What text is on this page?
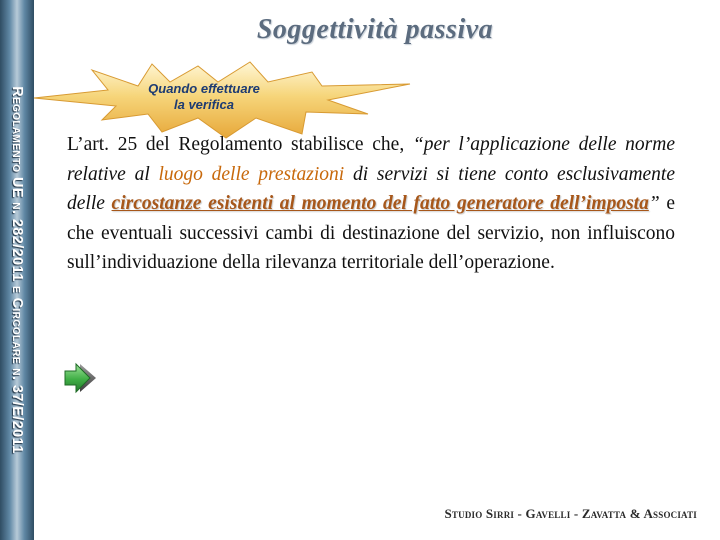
Regolamento UE n. 282/2011 e Circolare n. 37/E/2011
Soggettività passiva
Quando effettuare
la verifica
L’art. 25 del Regolamento stabilisce che, “per l’applicazione delle norme relative al luogo delle prestazioni di servizi si tiene conto esclusivamente delle circostanze esistenti al momento del fatto generatore dell’imposta” e che eventuali successivi cambi di destinazione del servizio, non influiscono sull’individuazione della rilevanza territoriale dell’operazione.
Studio Sirri - Gavelli - Zavatta & Associati
